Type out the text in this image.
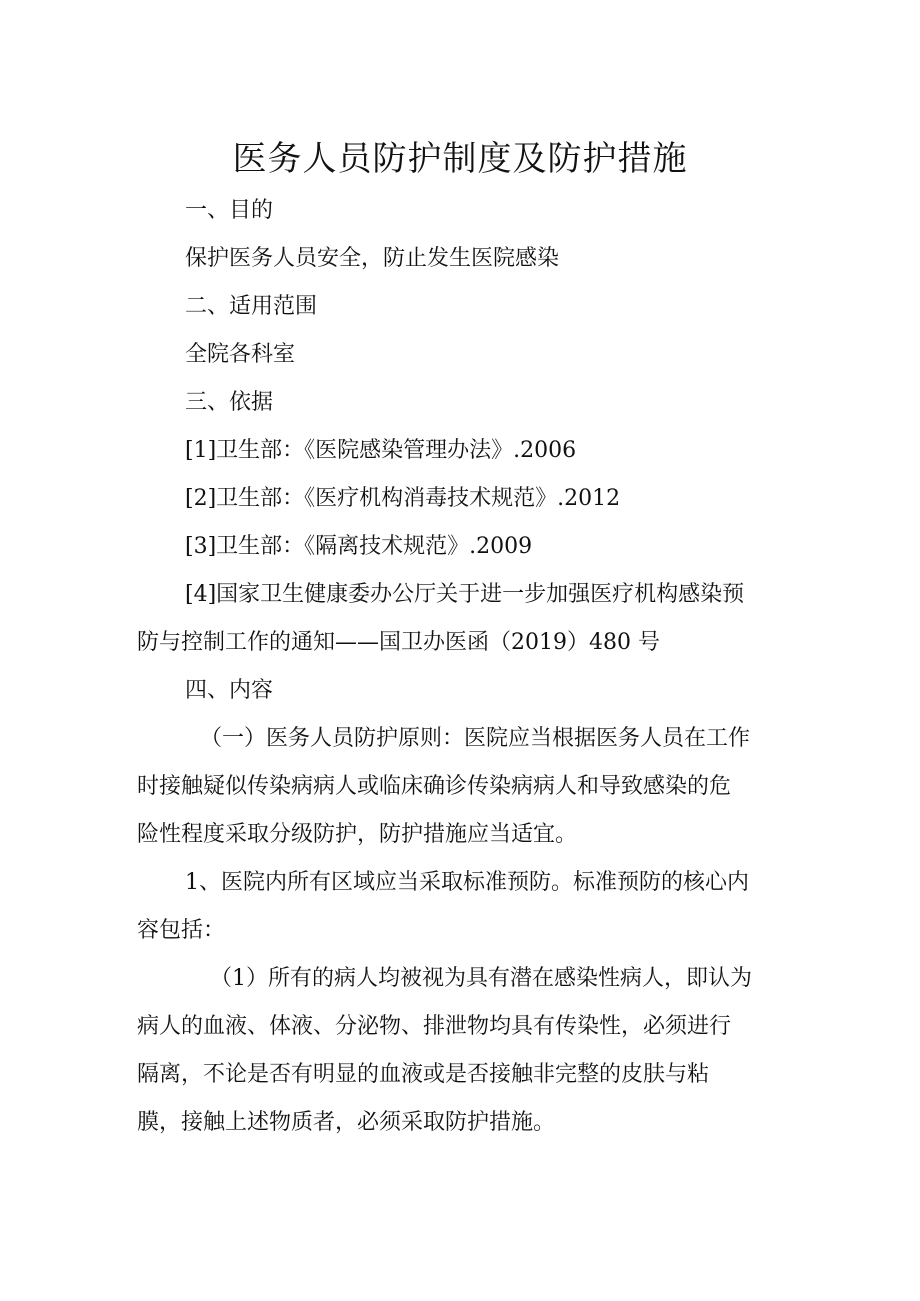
医务人员防护制度及防护措施
一、目的
保护医务人员安全，防止发生医院感染
二、适用范围
全院各科室
三、依据
[1]卫生部：《医院感染管理办法》.2006
[2]卫生部：《医疗机构消毒技术规范》.2012
[3]卫生部：《隔离技术规范》.2009
[4]国家卫生健康委办公厅关于进一步加强医疗机构感染预
防与控制工作的通知——国卫办医函（2019）480 号
四、内容
（一）医务人员防护原则：医院应当根据医务人员在工作
时接触疑似传染病病人或临床确诊传染病病人和导致感染的危
险性程度采取分级防护，防护措施应当适宜。
1、医院内所有区域应当采取标准预防。标准预防的核心内
容包括：
（1）所有的病人均被视为具有潜在感染性病人，即认为
病人的血液、体液、分泌物、排泄物均具有传染性，必须进行
隔离，不论是否有明显的血液或是否接触非完整的皮肤与粘
膜，接触上述物质者，必须采取防护措施。
